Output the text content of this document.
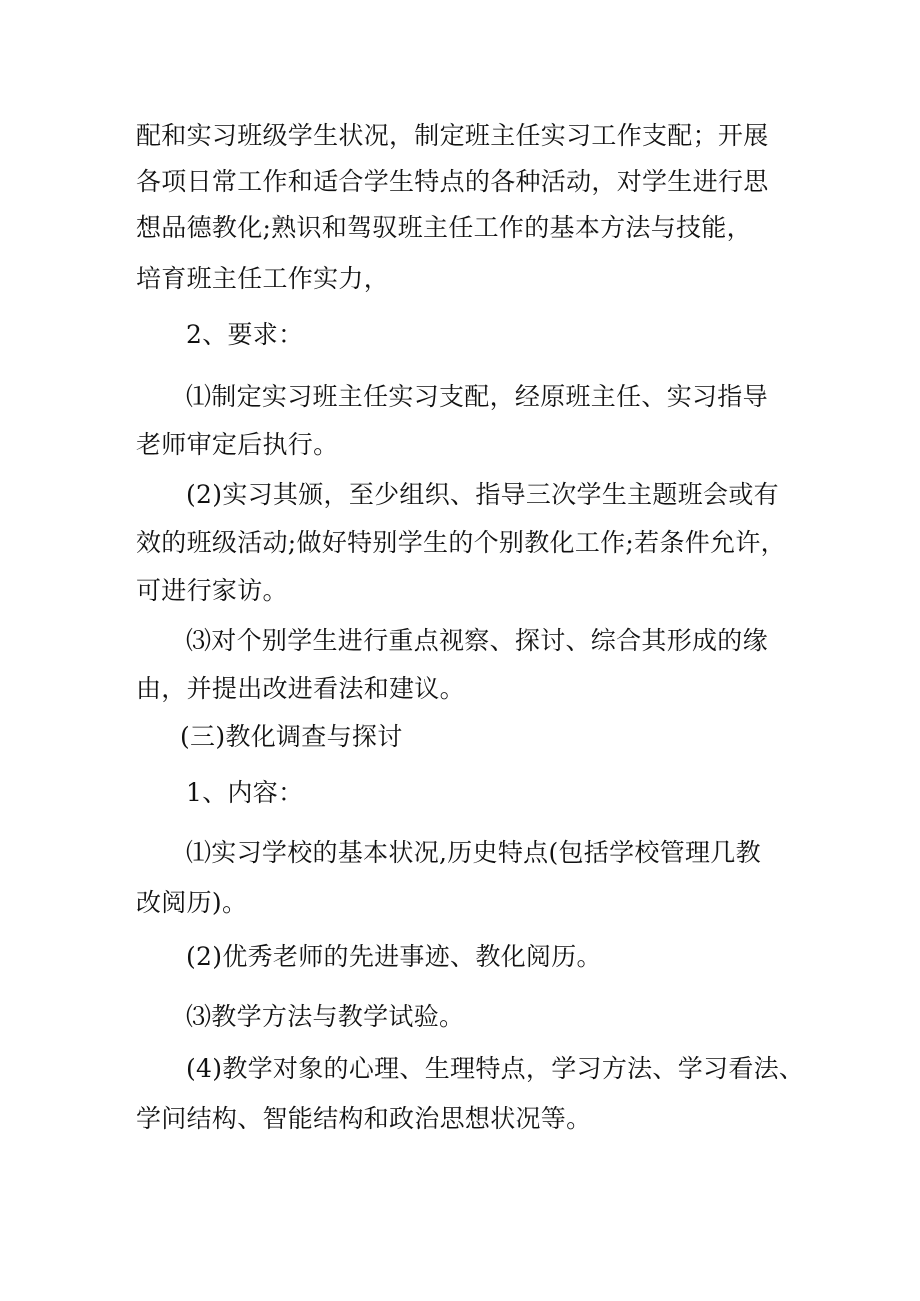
配和实习班级学生状况，制定班主任实习工作支配；开展
各项日常工作和适合学生特点的各种活动，对学生进行思
想品德教化;熟识和驾驭班主任工作的基本方法与技能，
培育班主任工作实力，
2、要求：
⑴制定实习班主任实习支配，经原班主任、实习指导
老师审定后执行。
(2)实习其颁，至少组织、指导三次学生主题班会或有
效的班级活动;做好特别学生的个别教化工作;若条件允许，
可进行家访。
⑶对个别学生进行重点视察、探讨、综合其形成的缘
由，并提出改进看法和建议。
(三)教化调查与探讨
1、内容：
⑴实习学校的基本状况,历史特点(包括学校管理几教
改阅历)。
(2)优秀老师的先进事迹、教化阅历。
⑶教学方法与教学试验。
(4)教学对象的心理、生理特点，学习方法、学习看法、
学问结构、智能结构和政治思想状况等。
